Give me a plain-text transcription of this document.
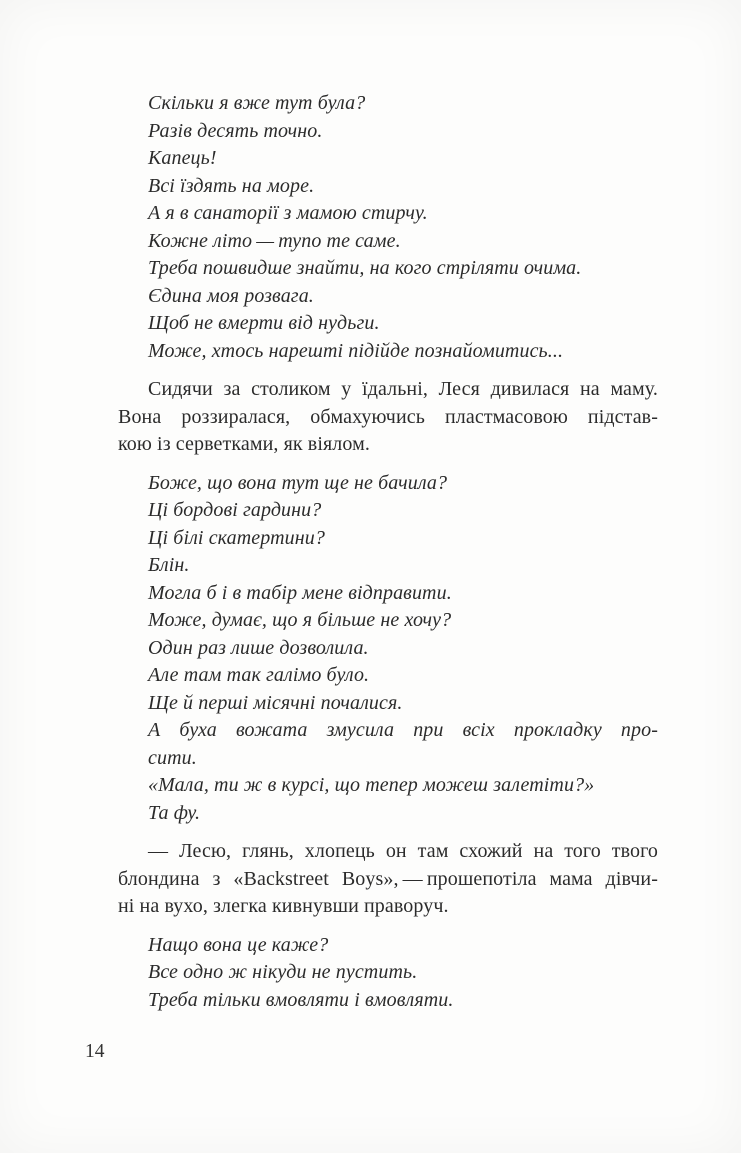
Скільки я вже тут була?

Разів десять точно.

Капець!

Всі їздять на море.

А я в санаторії з мамою стирчу.

Кожне літо — тупо те саме.

Треба пошвидше знайти, на кого стріляти очима.

Єдина моя розвага.

Щоб не вмерти від нудьги.

Може, хтось нарешті підійде познайомитись...

Сидячи за столиком у їдальні, Леся дивилася на маму.
Вона роззиралася, обмахуючись пластмасовою підстав-
кою із серветками, як віялом.

Боже, що вона тут ще не бачила?

Ці бордові гардини?

Ці білі скатертини?

Блін.

Могла б і в табір мене відправити.

Може, думає, що я більше не хочу?

Один раз лише дозволила.

Але там так галімо було.

Ще й перші місячні почалися.

А буха вожата змусила при всіх прокладку про-
сити.

«Мала, ти ж в курсі, що тепер можеш залетіти?»

Та фу.

— Лесю, глянь, хлопець он там схожий на того твого
блондина з «Backstreet Boys», — прошепотіла мама дівчи-
ні на вухо, злегка кивнувши праворуч.

Нащо вона це каже?

Все одно ж нікуди не пустить.

Треба тільки вмовляти і вмовляти.

14
